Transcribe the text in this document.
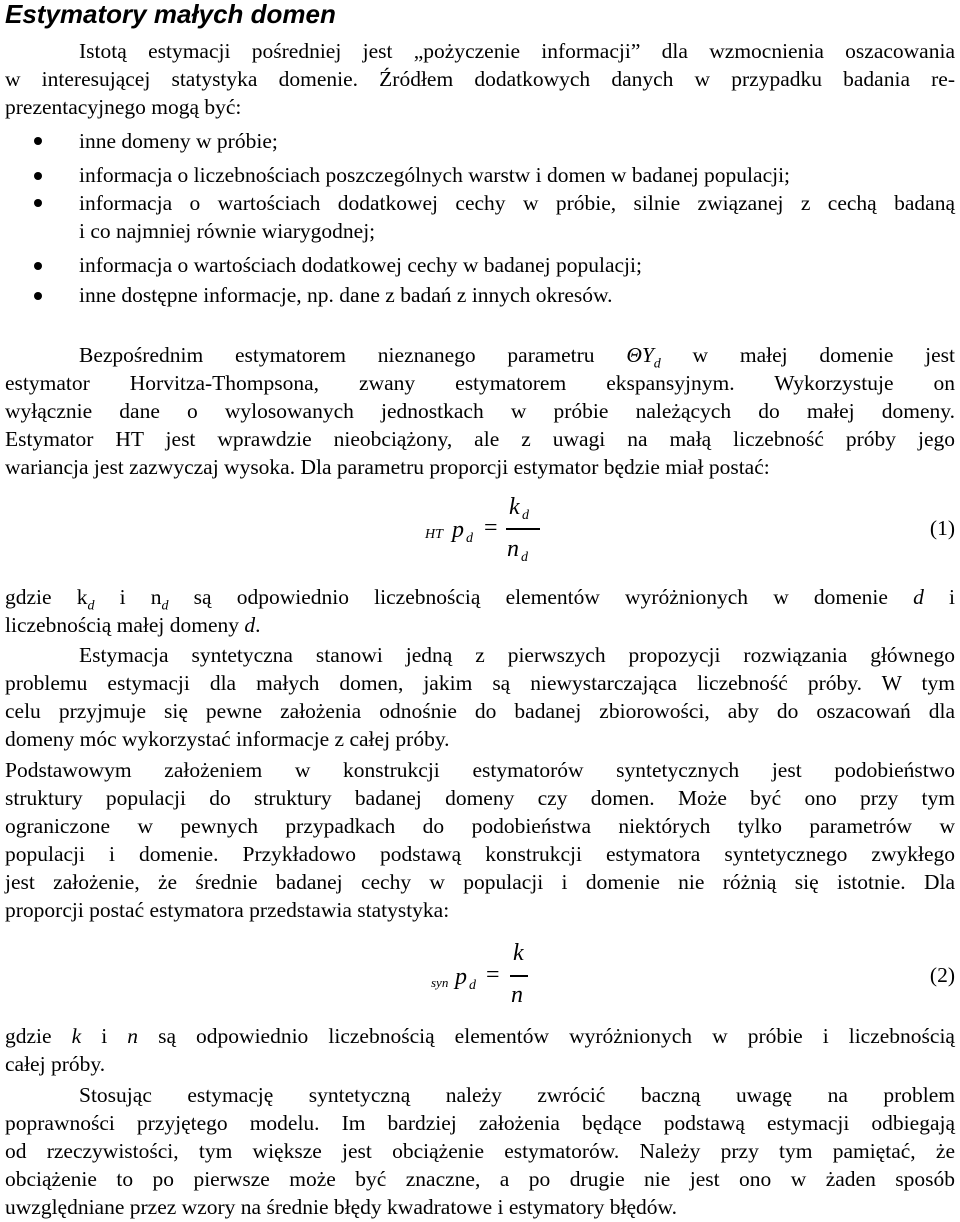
Estymatory małych domen
Istotą estymacji pośredniej jest „pożyczenie informacji” dla wzmocnienia oszacowania
w interesującej statystyka domenie. Źródłem dodatkowych danych w przypadku badania re-
prezentacyjnego mogą być:
inne domeny w próbie;
informacja o liczebnościach poszczególnych warstw i domen w badanej populacji;
informacja o wartościach dodatkowej cechy w próbie, silnie związanej z cechą badaną
i co najmniej równie wiarygodnej;
informacja o wartościach dodatkowej cechy w badanej populacji;
inne dostępne informacje, np. dane z badań z innych okresów.
Bezpośrednim estymatorem nieznanego parametru $\Theta Y_d$ w małej domenie jest
estymator Horvitza-Thompsona, zwany estymatorem ekspansyjnym. Wykorzystuje on
wyłącznie dane o wylosowanych jednostkach w próbie należących do małej domeny.
Estymator HT jest wprawdzie nieobciążony, ale z uwagi na małą liczebność próby jego
wariancja jest zazwyczaj wysoka. Dla parametru proporcji estymator będzie miał postać:
HT p d =
k d
n d
(1)
gdzie $k_d$ i $n_d$ są odpowiednio liczebnością elementów wyróżnionych w domenie d i
liczebnością małej domeny d.
Estymacja syntetyczna stanowi jedną z pierwszych propozycji rozwiązania głównego
problemu estymacji dla małych domen, jakim są niewystarczająca liczebność próby. W tym
celu przyjmuje się pewne założenia odnośnie do badanej zbiorowości, aby do oszacowań dla
domeny móc wykorzystać informacje z całej próby.
Podstawowym założeniem w konstrukcji estymatorów syntetycznych jest podobieństwo
struktury populacji do struktury badanej domeny czy domen. Może być ono przy tym
ograniczone w pewnych przypadkach do podobieństwa niektórych tylko parametrów w
populacji i domenie. Przykładowo podstawą konstrukcji estymatora syntetycznego zwykłego
jest założenie, że średnie badanej cechy w populacji i domenie nie różnią się istotnie. Dla
proporcji postać estymatora przedstawia statystyka:
syn p d =
k
n
(2)
gdzie k i n są odpowiednio liczebnością elementów wyróżnionych w próbie i liczebnością
całej próby.
Stosując estymację syntetyczną należy zwrócić baczną uwagę na problem
poprawności przyjętego modelu. Im bardziej założenia będące podstawą estymacji odbiegają
od rzeczywistości, tym większe jest obciążenie estymatorów. Należy przy tym pamiętać, że
obciążenie to po pierwsze może być znaczne, a po drugie nie jest ono w żaden sposób
uwzględniane przez wzory na średnie błędy kwadratowe i estymatory błędów.
